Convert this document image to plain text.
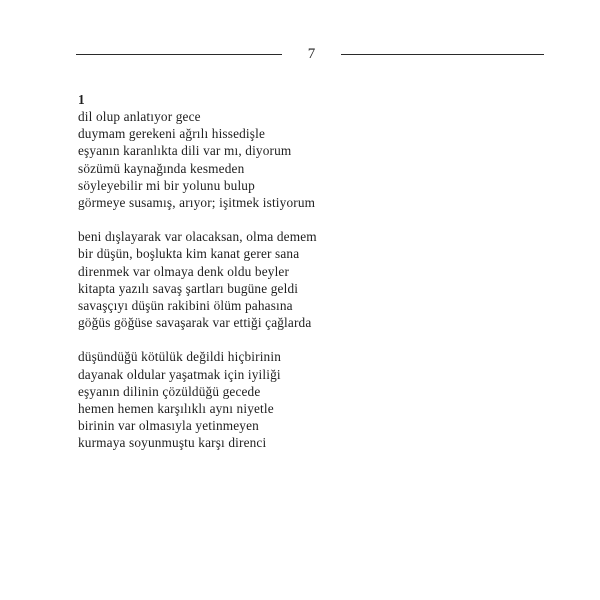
7
1
dil olup anlatıyor gece
duymam gerekeni ağrılı hissedişle
eşyanın karanlıkta dili var mı, diyorum
sözümü kaynağında kesmeden
söyleyebilir mi bir yolunu bulup
görmeye susamış, arıyor; işitmek istiyorum
beni dışlayarak var olacaksan, olma demem
bir düşün, boşlukta kim kanat gerer sana
direnmek var olmaya denk oldu beyler
kitapta yazılı savaş şartları bugüne geldi
savaşçıyı düşün rakibini ölüm pahasına
göğüs göğüse savaşarak var ettiği çağlarda
düşündüğü kötülük değildi hiçbirinin
dayanak oldular yaşatmak için iyiliği
eşyanın dilinin çözüldüğü gecede
hemen hemen karşılıklı aynı niyetle
birinin var olmasıyla yetinmeyen
kurmaya soyunmuştu karşı direnci
